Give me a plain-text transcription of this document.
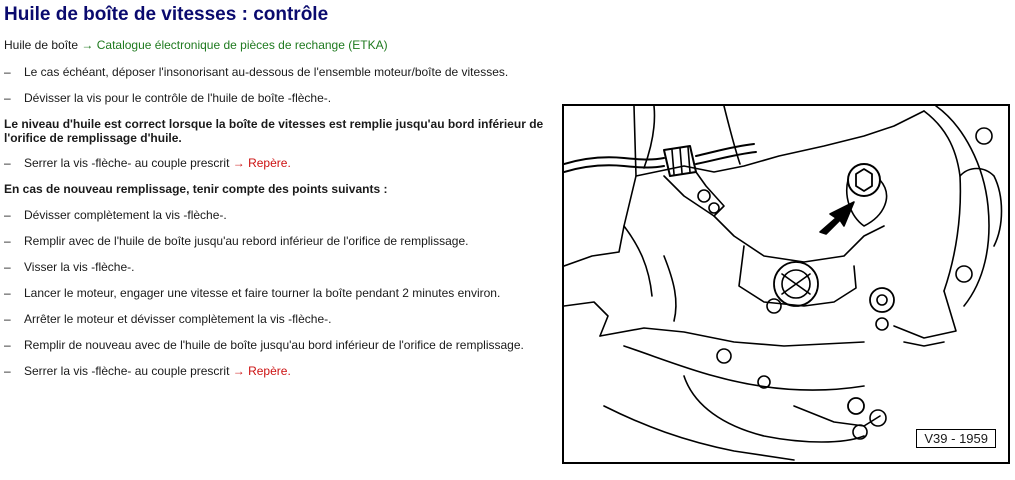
Huile de boîte de vitesses : contrôle
Huile de boîte → Catalogue électronique de pièces de rechange (ETKA)
– Le cas échéant, déposer l'insonorisant au-dessous de l'ensemble moteur/boîte de vitesses.
– Dévisser la vis pour le contrôle de l'huile de boîte -flèche-.
Le niveau d'huile est correct lorsque la boîte de vitesses est remplie jusqu'au bord inférieur de l'orifice de remplissage d'huile.
– Serrer la vis -flèche- au couple prescrit → Repère.
En cas de nouveau remplissage, tenir compte des points suivants :
– Dévisser complètement la vis -flèche-.
– Remplir avec de l'huile de boîte jusqu'au rebord inférieur de l'orifice de remplissage.
– Visser la vis -flèche-.
– Lancer le moteur, engager une vitesse et faire tourner la boîte pendant 2 minutes environ.
– Arrêter le moteur et dévisser complètement la vis -flèche-.
– Remplir de nouveau avec de l'huile de boîte jusqu'au bord inférieur de l'orifice de remplissage.
– Serrer la vis -flèche- au couple prescrit → Repère.
V39 - 1959
